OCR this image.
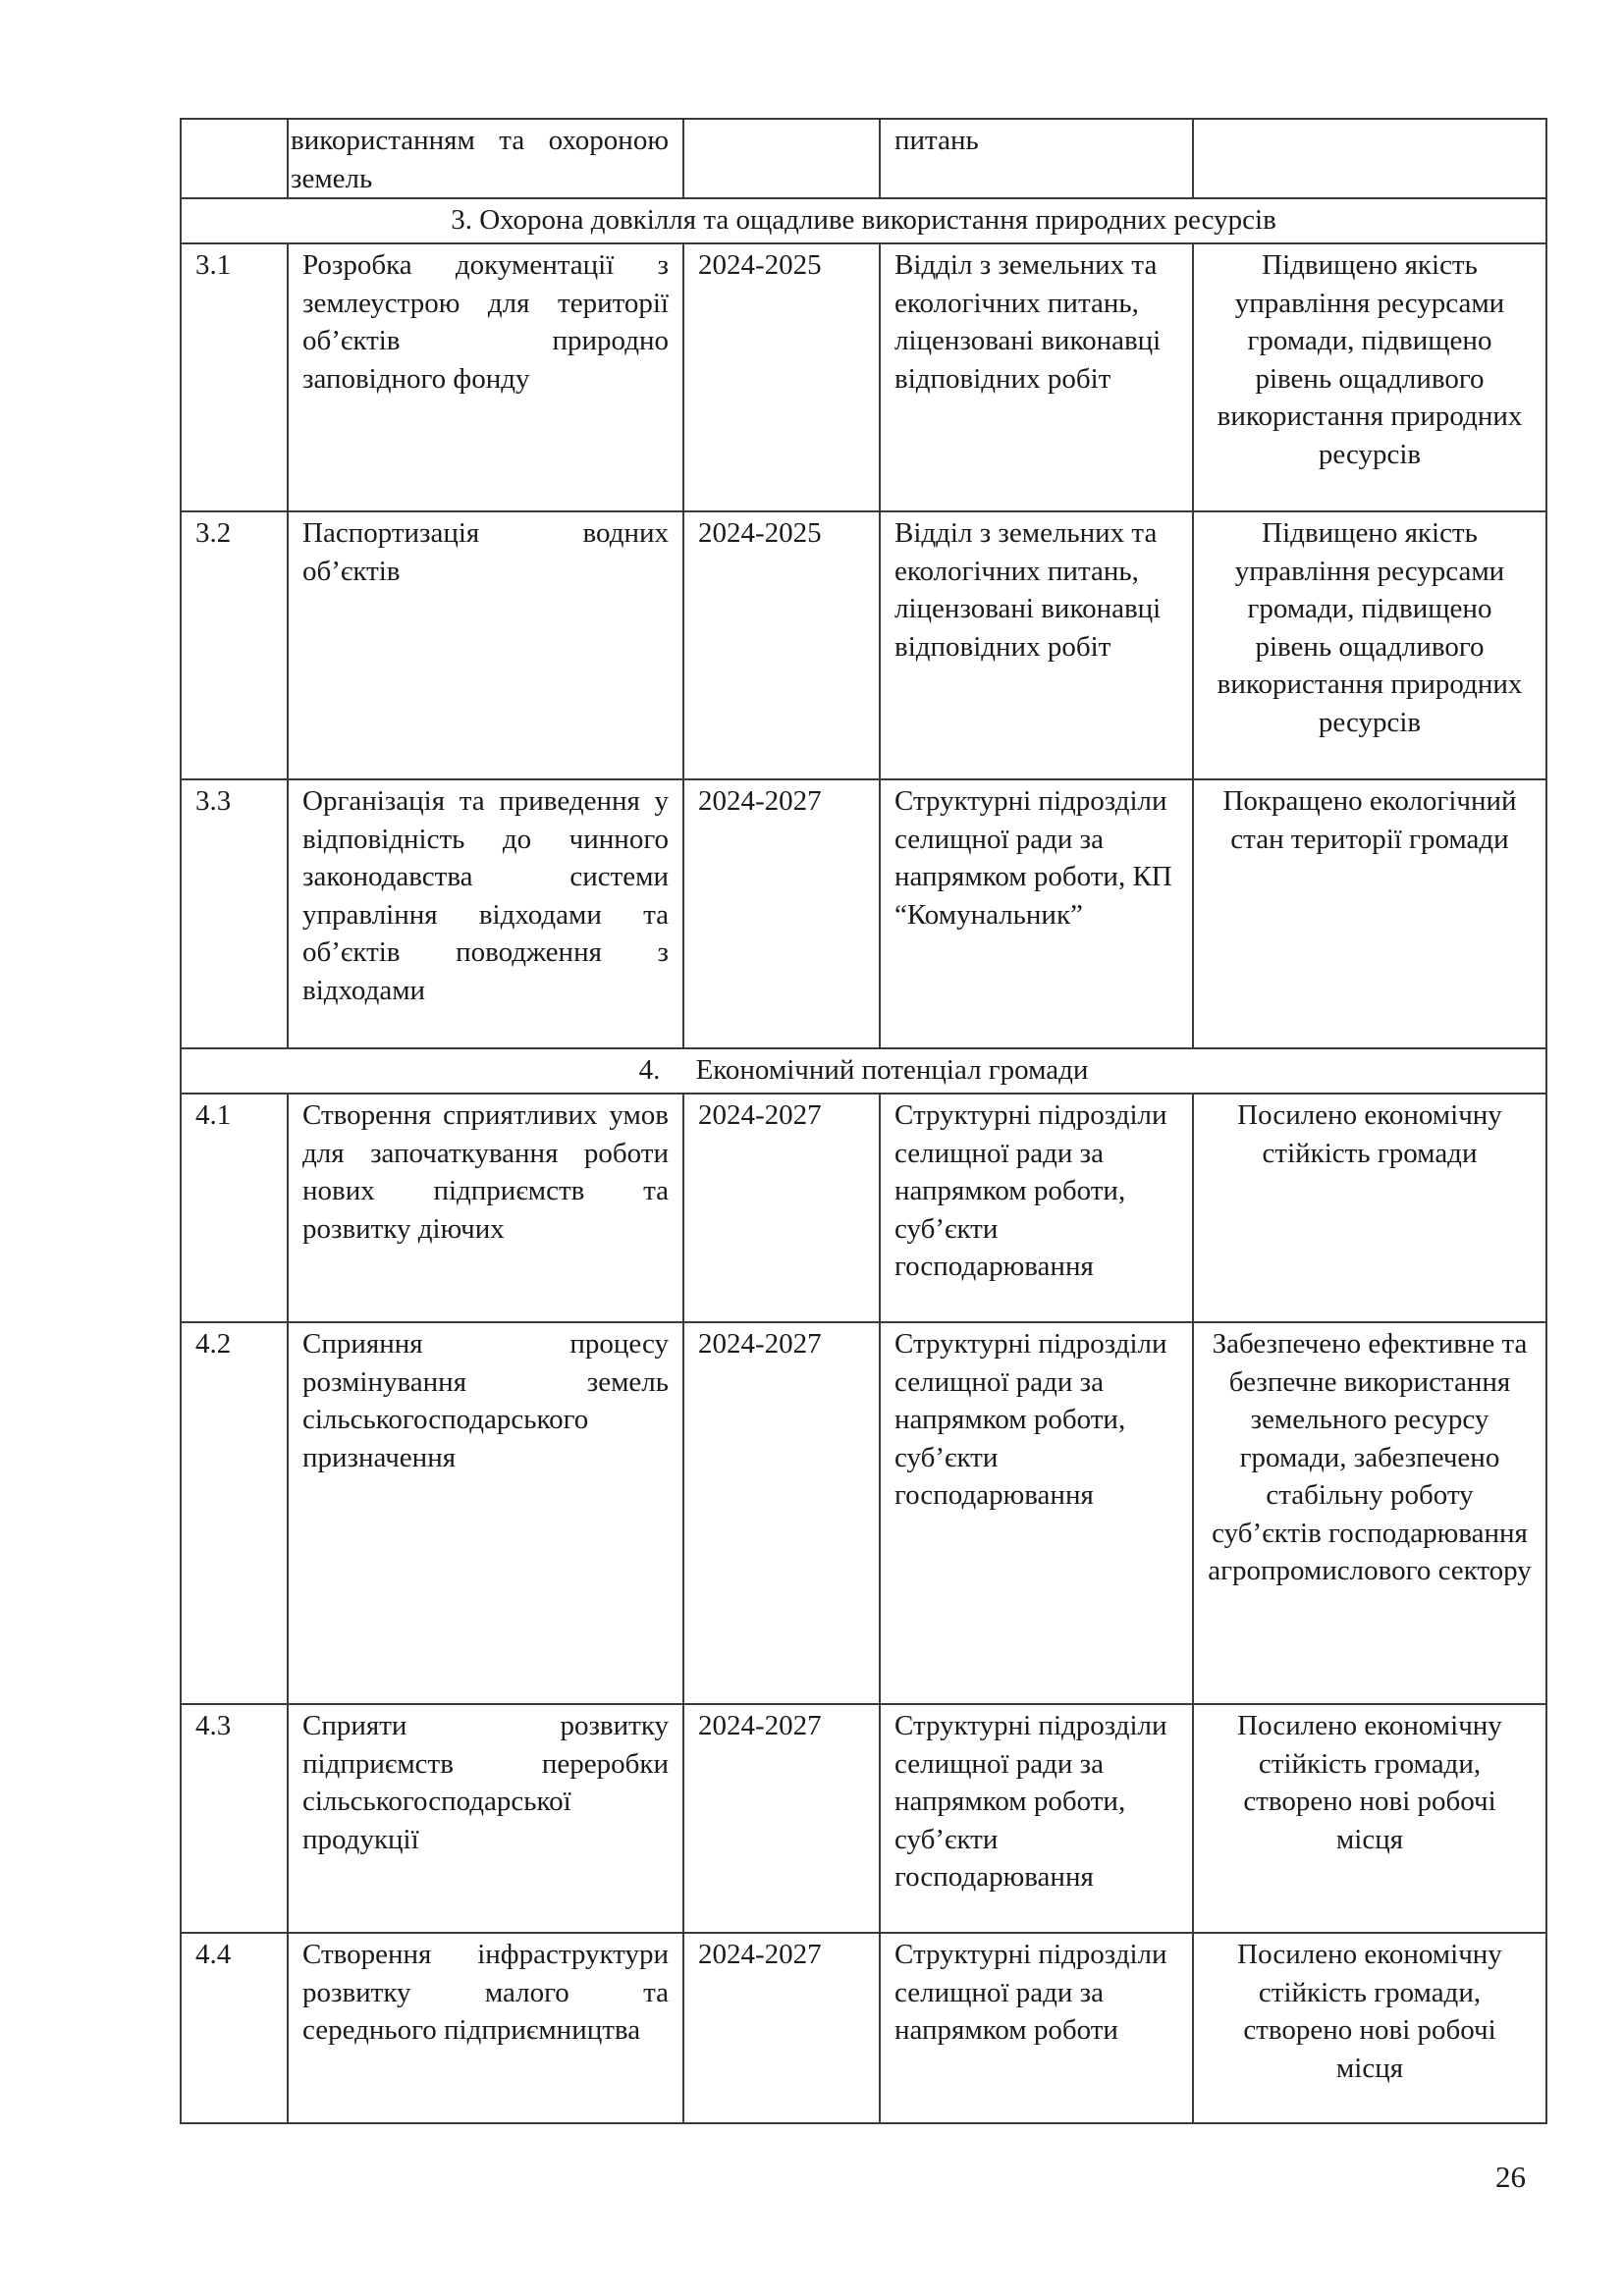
	використанням та охороною земель		питань	
3. Охорона довкілля та ощадливе використання природних ресурсів				
3.1	Розробка документації з землеустрою для території об’єктів природно заповідного фонду	2024-2025	Відділ з земельних та екологічних питань, ліцензовані виконавці відповідних робіт	Підвищено якість управління ресурсами громади, підвищено рівень ощадливого використання природних ресурсів
3.2	Паспортизація водних об’єктів	2024-2025	Відділ з земельних та екологічних питань, ліцензовані виконавці відповідних робіт	Підвищено якість управління ресурсами громади, підвищено рівень ощадливого використання природних ресурсів
3.3	Організація та приведення у відповідність до чинного законодавства системи управління відходами та об’єктів поводження з відходами	2024-2027	Структурні підрозділи селищної ради за напрямком роботи, КП “Комунальник”	Покращено екологічний стан території громади
4.     Економічний потенціал громади				
4.1	Створення сприятливих умов для започаткування роботи нових підприємств та розвитку діючих	2024-2027	Структурні підрозділи селищної ради за напрямком роботи, суб’єкти господарювання	Посилено економічну стійкість громади
4.2	Сприяння процесу розмінування земель сільськогосподарського призначення	2024-2027	Структурні підрозділи селищної ради за напрямком роботи, суб’єкти господарювання	Забезпечено ефективне та безпечне використання земельного ресурсу громади, забезпечено стабільну роботу суб’єктів господарювання агропромислового сектору
4.3	Сприяти розвитку підприємств переробки сільськогосподарської продукції	2024-2027	Структурні підрозділи селищної ради за напрямком роботи, суб’єкти господарювання	Посилено економічну стійкість громади, створено нові робочі місця
4.4	Створення інфраструктури розвитку малого та середнього підприємництва	2024-2027	Структурні підрозділи селищної ради за напрямком роботи	Посилено економічну стійкість громади, створено нові робочі місця
26
